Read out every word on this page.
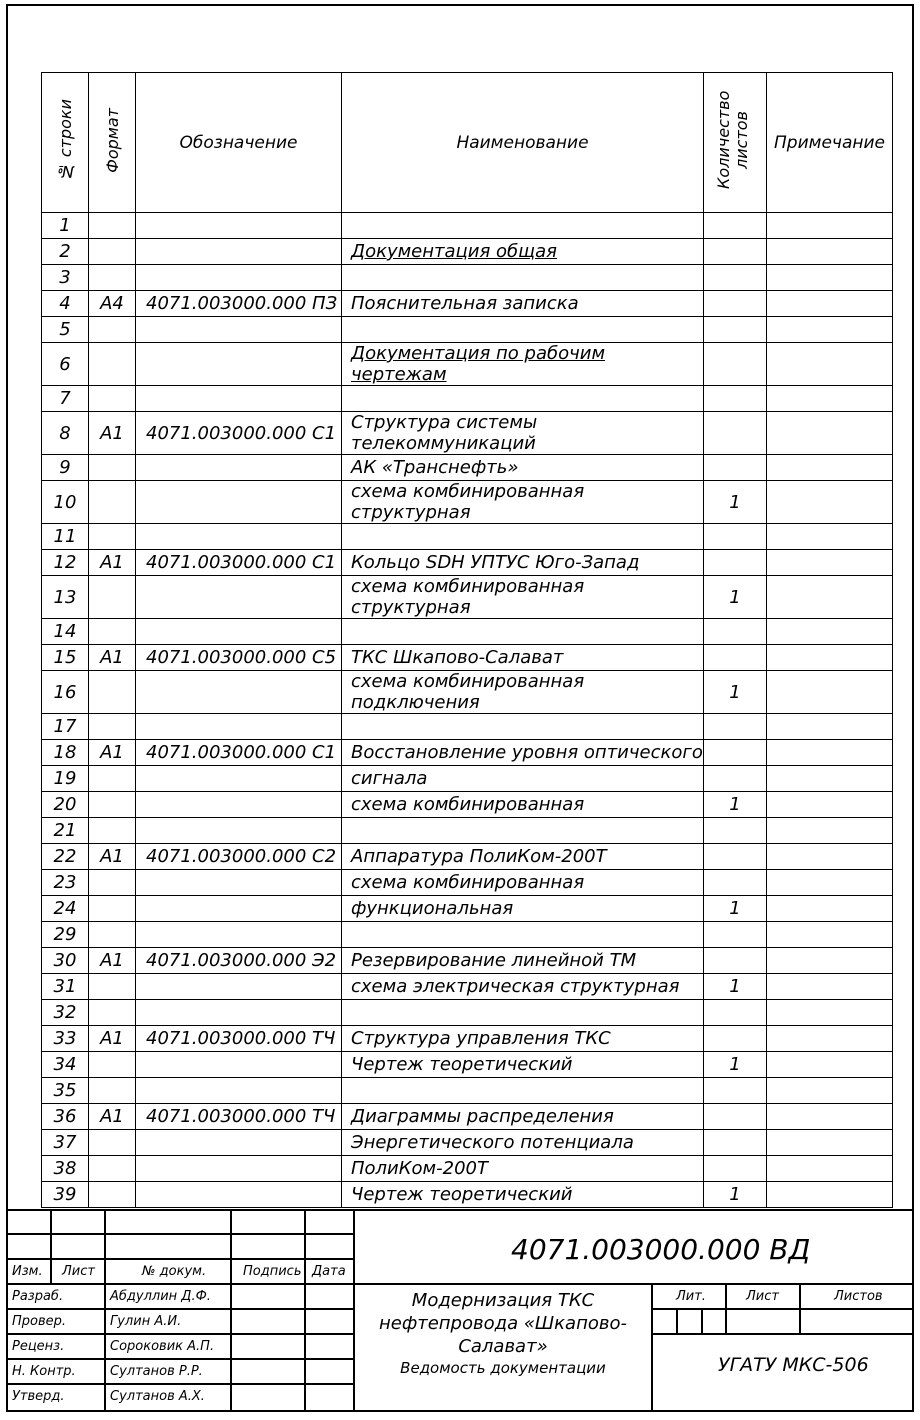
№ строки	Формат	Обозначение	Наименование	Количество листов	Примечание
1					
2			Документация общая		
3					
4	А4	4071.003000.000 ПЗ	Пояснительная записка		
5					
6			Документация по рабочим чертежам		
7					
8	А1	4071.003000.000 С1	Структура системы телекоммуникаций		
9			АК «Транснефть»		
10			схема комбинированная структурная	1	
11					
12	А1	4071.003000.000 С1	Кольцо SDH УПТУС Юго-Запад		
13			схема комбинированная структурная	1	
14					
15	А1	4071.003000.000 С5	ТКС Шкапово-Салават		
16			схема комбинированная подключения	1	
17					
18	А1	4071.003000.000 С1	Восстановление уровня оптического		
19			сигнала		
20			схема комбинированная	1	
21					
22	А1	4071.003000.000 С2	Аппаратура ПолиКом-200Т		
23			схема комбинированная		
24			функциональная	1	
29					
30	А1	4071.003000.000 Э2	Резервирование линейной ТМ		
31			схема электрическая структурная	1	
32					
33	А1	4071.003000.000 ТЧ	Структура управления ТКС		
34			Чертеж теоретический	1	
35					
36	А1	4071.003000.000 ТЧ	Диаграммы распределения		
37			Энергетического потенциала		
38			ПолиКом-200Т		
39			Чертеж теоретический	1	
4071.003000.000 ВД
Изм. Лист	№ докум.	Подпись Дата
Разраб.	Абдуллин Д.Ф.
Провер.	Гулин А.И.
Реценз.	Сороковик А.П.
Н. Контр.	Султанов Р.Р.
Утверд.	Султанов А.Х.
Модернизация ТКС
нефтепровода «Шкапово-
Салават»
Ведомость документации
Лит.	Лист	Листов
УГАТУ МКС-506
